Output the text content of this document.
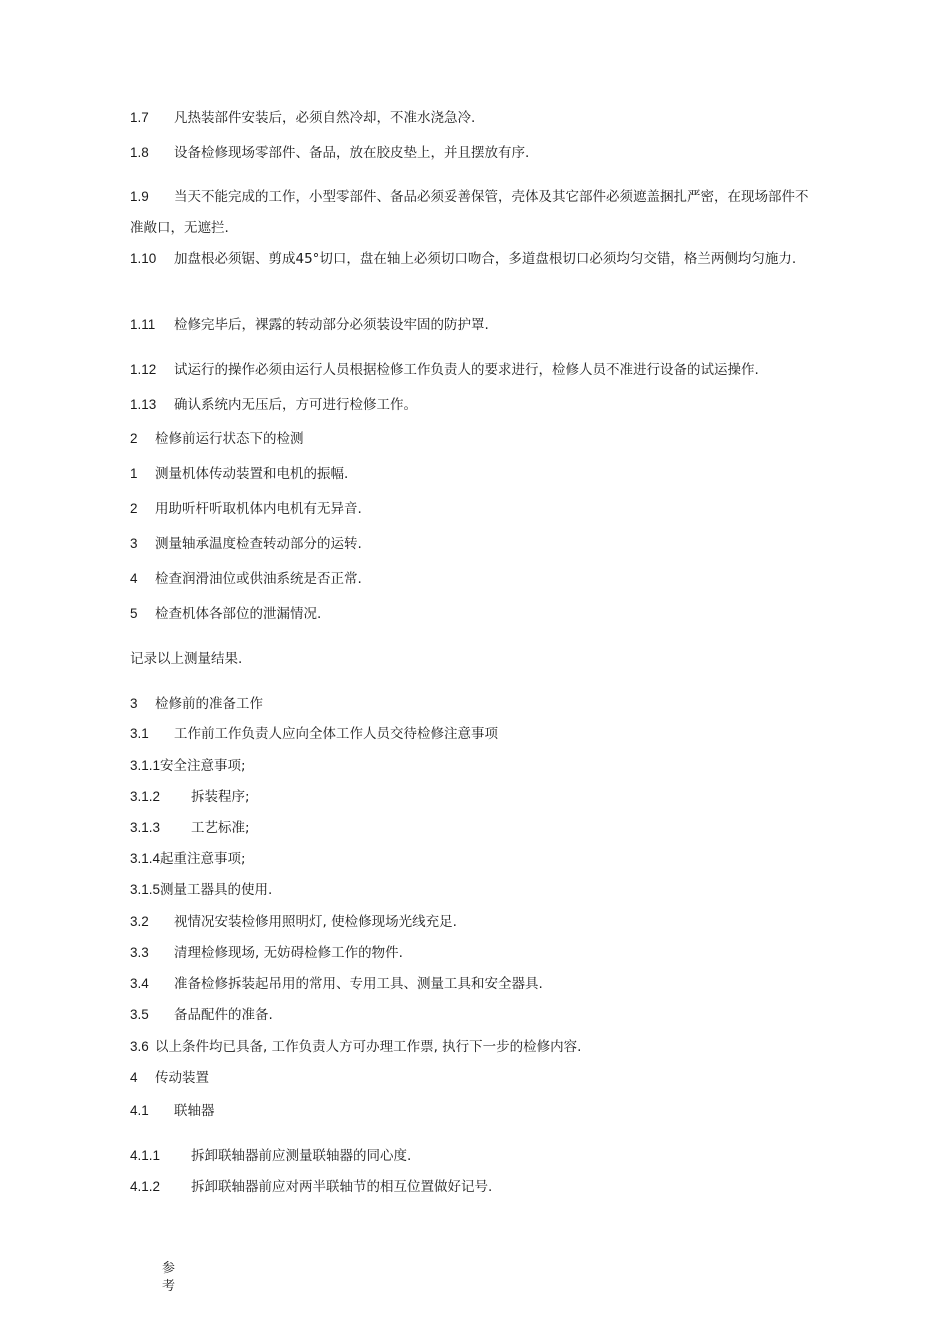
1.7 凡热装部件安装后，必须自然冷却，不准水浇急冷.
1.8 设备检修现场零部件、备品，放在胶皮垫上，并且摆放有序.
1.9 当天不能完成的工作，小型零部件、备品必须妥善保管，壳体及其它部件必须遮盖捆扎严密，在现场部件不准敞口，无遮拦.
1.10 加盘根必须锯、剪成45°切口，盘在轴上必须切口吻合，多道盘根切口必须均匀交错，格兰两侧均匀施力.
1.11 检修完毕后，裸露的转动部分必须装设牢固的防护罩.
1.12 试运行的操作必须由运行人员根据检修工作负责人的要求进行，检修人员不准进行设备的试运操作.
1.13 确认系统内无压后，方可进行检修工作。
2 检修前运行状态下的检测
1 测量机体传动装置和电机的振幅.
2 用助听杆听取机体内电机有无异音.
3 测量轴承温度检查转动部分的运转.
4 检查润滑油位或供油系统是否正常.
5 检查机体各部位的泄漏情况.
记录以上测量结果.
3 检修前的准备工作
3.1 工作前工作负责人应向全体工作人员交待检修注意事项
3.1.1安全注意事项;
3.1.2 拆装程序;
3.1.3 工艺标准;
3.1.4起重注意事项;
3.1.5测量工器具的使用.
3.2 视情况安装检修用照明灯, 使检修现场光线充足.
3.3 清理检修现场, 无妨碍检修工作的物件.
3.4 准备检修拆装起吊用的常用、专用工具、测量工具和安全器具.
3.5 备品配件的准备.
3.6 以上条件均已具备, 工作负责人方可办理工作票, 执行下一步的检修内容.
4 传动装置
4.1 联轴器
4.1.1 拆卸联轴器前应测量联轴器的同心度.
4.1.2 拆卸联轴器前应对两半联轴节的相互位置做好记号.
参
考
